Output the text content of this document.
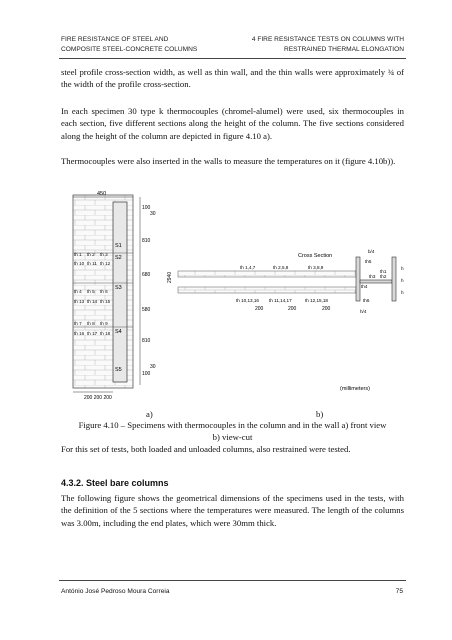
FIRE RESISTANCE OF STEEL AND
COMPOSITE STEEL-CONCRETE COLUMNS
4 FIRE RESISTANCE TESTS ON COLUMNS WITH
RESTRAINED THERMAL ELONGATION
steel profile cross-section width, as well as thin wall, and the thin walls were approximately ¾ of the width of the profile cross-section.
In each specimen 30 type k thermocouples (chromel-alumel) were used, six thermocouples in each section, five different sections along the height of the column. The five sections considered along the height of the column are depicted in figure 4.10 a).
Thermocouples were also inserted in the walls to measure the temperatures on it (figure 4.10b)).
450
S1
S2
S3
S4
S5
th 1 th 2 th 3
th 10 th 11 th 12
th 4 th 5 th 6
th 13 th 14 th 15
th 7 th 8 th 9
th 16 th 17 th 18
200 200 200
100
30
810
680
580
810
30
100
2940
Cross Section
th 1,4,7	th 2,5,8	th 3,8,9
th 10,13,16 th 11,14,17	th 12,15,18
200	200	200
b/4
th5
th1
th3 th2
th4
th6
h/4
h
h
h
(millimeters)
a)	b)
Figure 4.10 – Specimens with thermocouples in the column and in the wall a) front view
b) view-cut
For this set of tests, both loaded and unloaded columns, also restrained were tested.
4.3.2. Steel bare columns
The following figure shows the geometrical dimensions of the specimens used in the tests, with the definition of the 5 sections where the temperatures were measured. The length of the columns was 3.00m, including the end plates, which were 30mm thick.
António José Pedroso Moura Correia	75
